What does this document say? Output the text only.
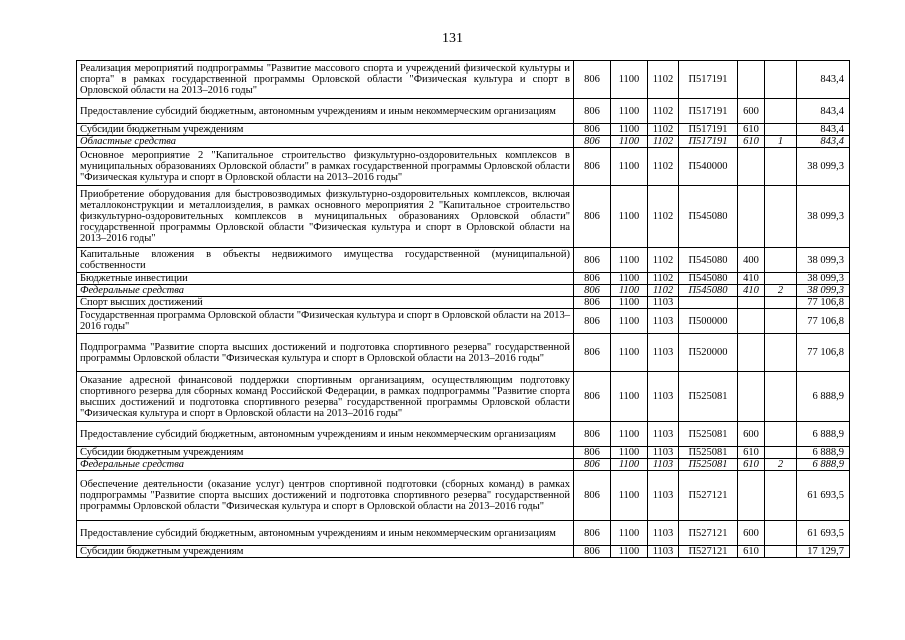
131
Реализация мероприятий подпрограммы "Развитие массового спорта и учреждений физической культуры и спорта" в рамках государственной программы Орловской области "Физическая культура и спорт в Орловской области на 2013–2016 годы"	806	1100	1102	П517191			843,4
Предоставление субсидий бюджетным, автономным учреждениям и иным некоммерческим организациям	806	1100	1102	П517191	600		843,4
Субсидии бюджетным учреждениям	806	1100	1102	П517191	610		843,4
Областные средства	806	1100	1102	П517191	610	1	843,4
Основное мероприятие 2 "Капитальное строительство физкультурно-оздоровительных комплексов в муниципальных образованиях Орловской области" в рамках государственной программы Орловской области "Физическая культура и спорт в Орловской области на 2013–2016 годы"	806	1100	1102	П540000			38 099,3
Приобретение оборудования для быстровозводимых физкультурно-оздоровительных комплексов, включая металлоконструкции и металлоизделия, в рамках основного мероприятия 2 "Капитальное строительство физкультурно-оздоровительных комплексов в муниципальных образованиях Орловской области" государственной программы Орловской области "Физическая культура и спорт в Орловской области на 2013–2016 годы"	806	1100	1102	П545080			38 099,3
Капитальные вложения в объекты недвижимого имущества государственной (муниципальной) собственности	806	1100	1102	П545080	400		38 099,3
Бюджетные инвестиции	806	1100	1102	П545080	410		38 099,3
Федеральные средства	806	1100	1102	П545080	410	2	38 099,3
Спорт высших достижений	806	1100	1103				77 106,8
Государственная программа Орловской области "Физическая культура и спорт в Орловской области на 2013–2016 годы"	806	1100	1103	П500000			77 106,8
Подпрограмма "Развитие спорта высших достижений и подготовка спортивного резерва" государственной программы Орловской области "Физическая культура и спорт в Орловской области на 2013–2016 годы"	806	1100	1103	П520000			77 106,8
Оказание адресной финансовой поддержки спортивным организациям, осуществляющим подготовку спортивного резерва для сборных команд Российской Федерации, в рамках подпрограммы "Развитие спорта высших достижений и подготовка спортивного резерва" государственной программы Орловской области "Физическая культура и спорт в Орловской области на 2013–2016 годы"	806	1100	1103	П525081			6 888,9
Предоставление субсидий бюджетным, автономным учреждениям и иным некоммерческим организациям	806	1100	1103	П525081	600		6 888,9
Субсидии бюджетным учреждениям	806	1100	1103	П525081	610		6 888,9
Федеральные средства	806	1100	1103	П525081	610	2	6 888,9
Обеспечение деятельности (оказание услуг) центров спортивной подготовки (сборных команд) в рамках подпрограммы "Развитие спорта высших достижений и подготовка спортивного резерва" государственной программы Орловской области "Физическая культура и спорт в Орловской области на 2013–2016 годы"	806	1100	1103	П527121			61 693,5
Предоставление субсидий бюджетным, автономным учреждениям и иным некоммерческим организациям	806	1100	1103	П527121	600		61 693,5
Субсидии бюджетным учреждениям	806	1100	1103	П527121	610		17 129,7
